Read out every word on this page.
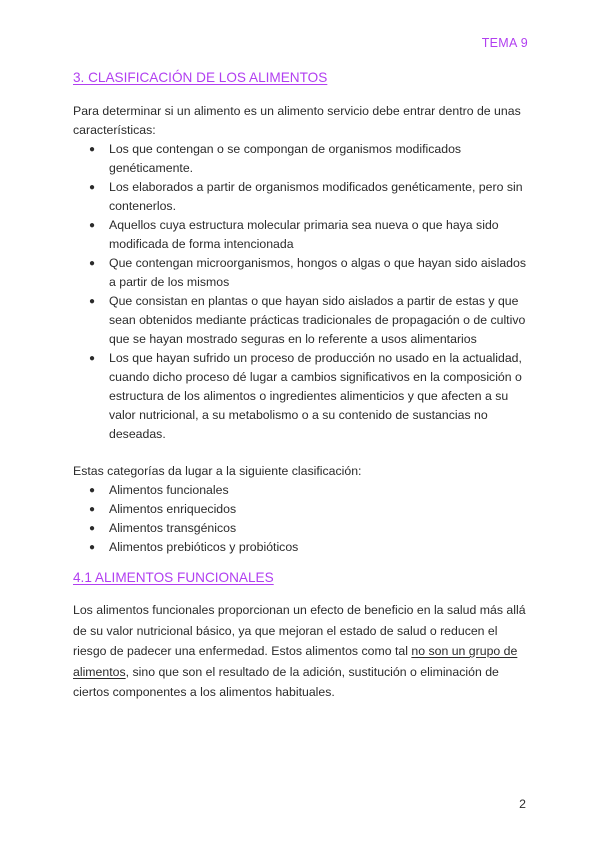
TEMA 9
3. CLASIFICACIÓN DE LOS ALIMENTOS

Para determinar si un alimento es un alimento servicio debe entrar dentro de unas características:

● Los que contengan o se compongan de organismos modificados genéticamente.
● Los elaborados a partir de organismos modificados genéticamente, pero sin contenerlos.
● Aquellos cuya estructura molecular primaria sea nueva o que haya sido modificada de forma intencionada
● Que contengan microorganismos, hongos o algas o que hayan sido aislados a partir de los mismos
● Que consistan en plantas o que hayan sido aislados a partir de estas y que sean obtenidos mediante prácticas tradicionales de propagación o de cultivo que se hayan mostrado seguras en lo referente a usos alimentarios
● Los que hayan sufrido un proceso de producción no usado en la actualidad, cuando dicho proceso dé lugar a cambios significativos en la composición o estructura de los alimentos o ingredientes alimenticios y que afecten a su valor nutricional, a su metabolismo o a su contenido de sustancias no deseadas.

Estas categorías da lugar a la siguiente clasificación:

● Alimentos funcionales
● Alimentos enriquecidos
● Alimentos transgénicos
● Alimentos prebióticos y probióticos
4.1 ALIMENTOS FUNCIONALES

Los alimentos funcionales proporcionan un efecto de beneficio en la salud más allá de su valor nutricional básico, ya que mejoran el estado de salud o reducen el riesgo de padecer una enfermedad. Estos alimentos como tal no son un grupo de alimentos, sino que son el resultado de la adición, sustitución o eliminación de ciertos componentes a los alimentos habituales.

2
